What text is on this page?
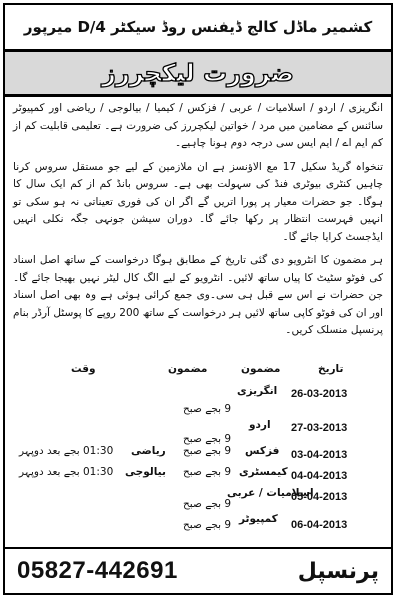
کشمیر ماڈل کالج ڈیفنس روڈ سیکٹر D/4 میرپور
ضرورت لیکچررز

انگریزی / اردو / اسلامیات / عربی / فزکس / کیمیا / بیالوجی / ریاضی اور کمپیوٹر سائنس کے مضامین میں مرد / خواتین لیکچررز کی ضرورت ہے۔ تعلیمی قابلیت کم از کم ایم اے / ایم ایس سی درجہ دوم ہونا چاہیے۔

تنخواہ گریڈ سکیل 17 مع الاؤنسز ہے ان ملازمین کے لیے جو مستقل سروس کرنا چاہیں کنٹری بیوٹری فنڈ کی سہولت بھی ہے۔ سروس بانڈ کم از کم ایک سال کا ہوگا۔ جو حضرات معیار پر پورا اتریں گے اگر ان کی فوری تعیناتی نہ ہو سکی تو انہیں فہرست انتظار پر رکھا جائے گا۔ دوران سیشن جونہی جگہ نکلی انہیں ایڈجسٹ کرایا جائے گا۔

ہر مضمون کا انٹرویو دی گئی تاریخ کے مطابق ہوگا درخواست کے ساتھ اصل اسناد کی فوٹو سٹیٹ کا پیاں ساتھ لائیں۔ انٹرویو کے لیے الگ کال لیٹر نہیں بھیجا جائے گا۔ جن حضرات نے اس سے قبل ہی سی۔وی جمع کرائی ہوئی ہے وہ بھی اصل اسناد اور ان کی فوٹو کاپی ساتھ لائیں ہر درخواست کے ساتھ 200 روپے کا پوسٹل آرڈر بنام پرنسپل منسلک کریں۔

تاریخ
مضمون
مضمون
وقت
26-03-2013
انگریزی
9 بجے صبح
27-03-2013
اردو
9 بجے صبح
03-04-2013
فزکس
9 بجے صبح
ریاضی
01:30 بجے بعد دوپہر
04-04-2013
کیمسٹری
9 بجے صبح
بیالوجی
01:30 بجے بعد دوپہر
05-04-2013
اسلامیات / عربی
9 بجے صبح
06-04-2013
کمپیوٹر
9 بجے صبح
05827-442691	پرنسپل
